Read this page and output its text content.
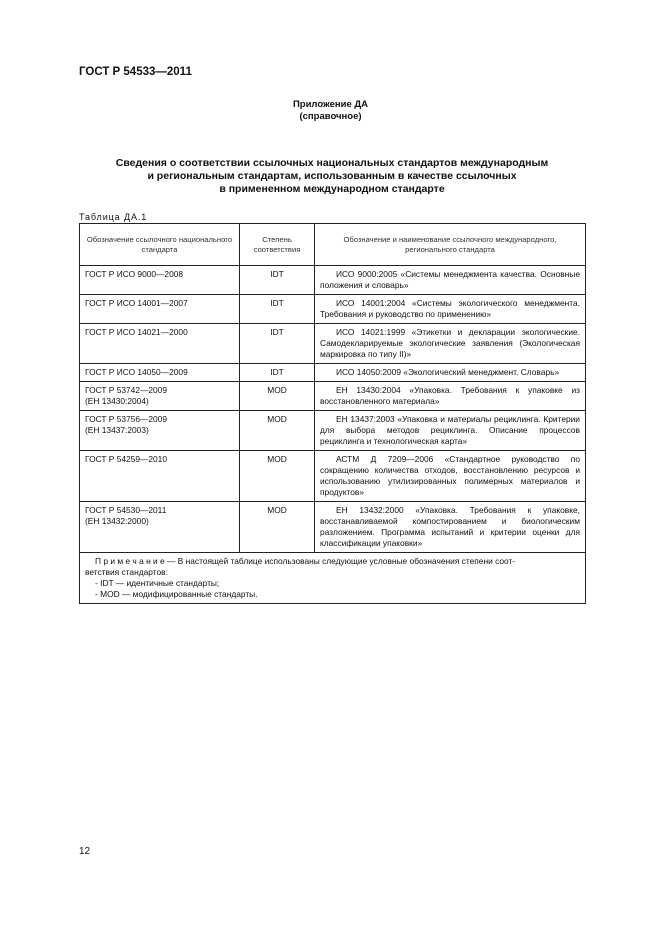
ГОСТ Р 54533—2011
Приложение ДА
(справочное)
Сведения о соответствии ссылочных национальных стандартов международным
и региональным стандартам, использованным в качестве ссылочных
в примененном международном стандарте
Таблица ДА.1
Обозначение ссылочного национального стандарта	Степень соответствия	Обозначение и наименование ссылочного международного, регионального стандарта
ГОСТ Р ИСО 9000—2008	IDT	ИСО 9000:2005 «Системы менеджмента качества. Основные положения и словарь»
ГОСТ Р ИСО 14001—2007	IDT	ИСО 14001:2004 «Системы экологического менеджмента. Требования и руководство по применению»
ГОСТ Р ИСО 14021—2000	IDT	ИСО 14021:1999 «Этикетки и декларации экологические. Самодекларируемые экологические заявления (Экологическая маркировка по типу II)»
ГОСТ Р ИСО 14050—2009	IDT	ИСО 14050:2009 «Экологический менеджмент. Словарь»

ГОСТ Р 53742—2009
(ЕН 13430:2004)	MOD	ЕН 13430:2004 «Упаковка. Требования к упаковке из восстановленного материала»

ГОСТ Р 53756—2009
(ЕН 13437:2003)	MOD	ЕН 13437:2003 «Упаковка и материалы рециклинга. Критерии для выбора методов рециклинга. Описание процессов рециклинга и технологическая карта»
ГОСТ Р 54259—2010	MOD	АСТМ Д 7209—2006 «Стандартное руководство по сокращению количества отходов, восстановлению ресурсов и использованию утилизированных полимерных материалов и продуктов»

ГОСТ Р 54530—2011
(ЕН 13432:2000)	MOD	ЕН 13432:2000 «Упаковка. Требования к упаковке, восстанавливаемой компостированием и биологическим разложением. Программа испытаний и критерии оценки для классификации упаковки»

П р и м е ч а н и е — В настоящей таблице использованы следующие условные обозначения степени соот-
ветствия стандартов:
- IDT — идентичные стандарты;
- MOD — модифицированные стандарты.		
12
